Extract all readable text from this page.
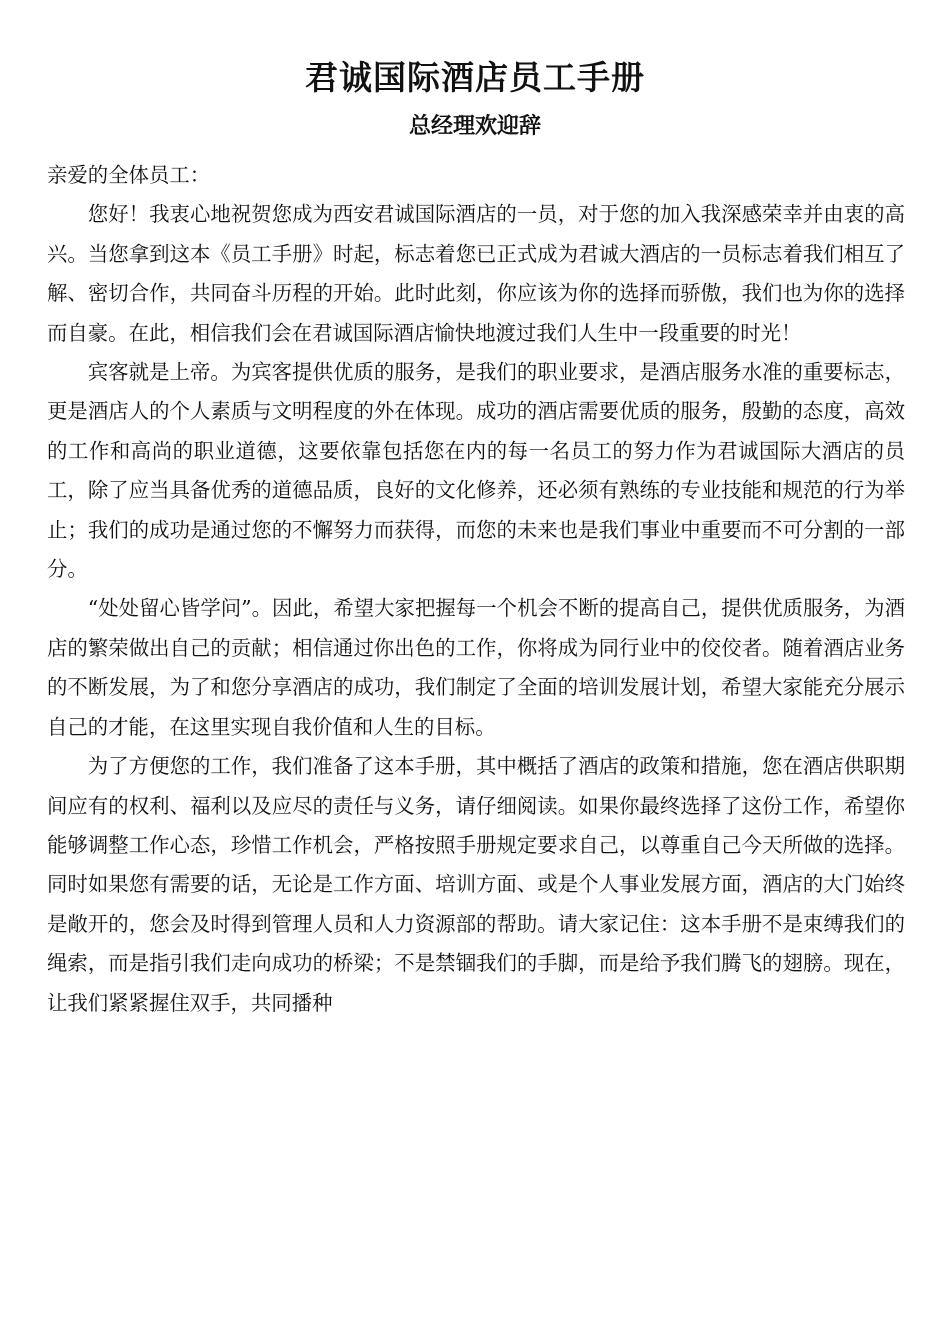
君诚国际酒店员工手册
总经理欢迎辞

亲爱的全体员工：

您好！我衷心地祝贺您成为西安君诚国际酒店的一员，对于您的加入我深感荣幸并由衷的高兴。当您拿到这本《员工手册》时起，标志着您已正式成为君诚大酒店的一员标志着我们相互了解、密切合作，共同奋斗历程的开始。此时此刻，你应该为你的选择而骄傲，我们也为你的选择而自豪。在此，相信我们会在君诚国际酒店愉快地渡过我们人生中一段重要的时光！

宾客就是上帝。为宾客提供优质的服务，是我们的职业要求，是酒店服务水准的重要标志，更是酒店人的个人素质与文明程度的外在体现。成功的酒店需要优质的服务，殷勤的态度，高效的工作和高尚的职业道德，这要依靠包括您在内的每一名员工的努力作为君诚国际大酒店的员工，除了应当具备优秀的道德品质，良好的文化修养，还必须有熟练的专业技能和规范的行为举止；我们的成功是通过您的不懈努力而获得，而您的未来也是我们事业中重要而不可分割的一部分。

“处处留心皆学问”。因此，希望大家把握每一个机会不断的提高自己，提供优质服务，为酒店的繁荣做出自己的贡献；相信通过你出色的工作，你将成为同行业中的佼佼者。随着酒店业务的不断发展，为了和您分享酒店的成功，我们制定了全面的培训发展计划，希望大家能充分展示自己的才能，在这里实现自我价值和人生的目标。

为了方便您的工作，我们准备了这本手册，其中概括了酒店的政策和措施，您在酒店供职期间应有的权利、福利以及应尽的责任与义务，请仔细阅读。如果你最终选择了这份工作，希望你能够调整工作心态，珍惜工作机会，严格按照手册规定要求自己，以尊重自己今天所做的选择。同时如果您有需要的话，无论是工作方面、培训方面、或是个人事业发展方面，酒店的大门始终是敞开的，您会及时得到管理人员和人力资源部的帮助。请大家记住：这本手册不是束缚我们的绳索，而是指引我们走向成功的桥梁；不是禁锢我们的手脚，而是给予我们腾飞的翅膀。现在，让我们紧紧握住双手，共同播种
